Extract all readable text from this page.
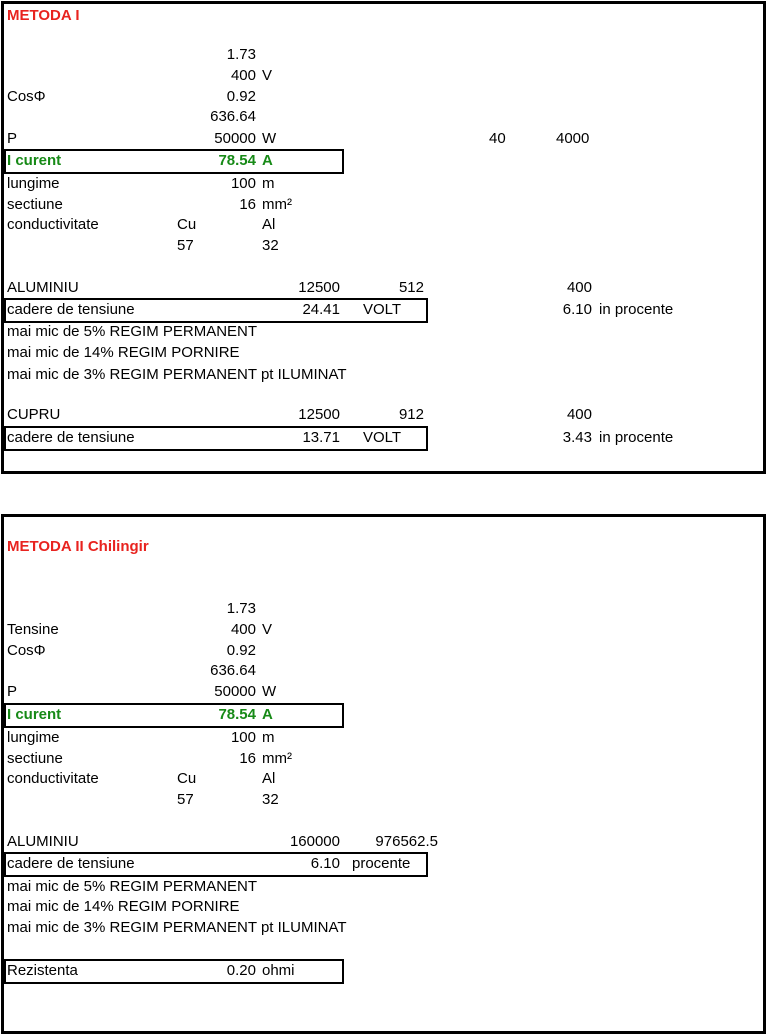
METODA I
1.73
400 V
CosΦ	0.92
636.64
P	50000 W	40	4000
I curent	78.54 A
lungime	100 m
sectiune	16 mm²
conductivitate	Cu	Al
57	32
ALUMINIU	12500	512	400
cadere de tensiune	24.41 VOLT	6.10 in procente
mai mic de 5% REGIM PERMANENT
mai mic de 14% REGIM PORNIRE
mai mic de 3% REGIM PERMANENT pt ILUMINAT
CUPRU	12500	912	400
cadere de tensiune	13.71 VOLT	3.43 in procente
METODA II Chilingir
1.73
Tensine	400 V
CosΦ	0.92
636.64
P	50000 W
I curent	78.54 A
lungime	100 m
sectiune	16 mm²
conductivitate	Cu	Al
57	32
ALUMINIU	160000	976562.5
cadere de tensiune	6.10 procente
mai mic de 5% REGIM PERMANENT
mai mic de 14% REGIM PORNIRE
mai mic de 3% REGIM PERMANENT pt ILUMINAT
Rezistenta	0.20 ohmi
